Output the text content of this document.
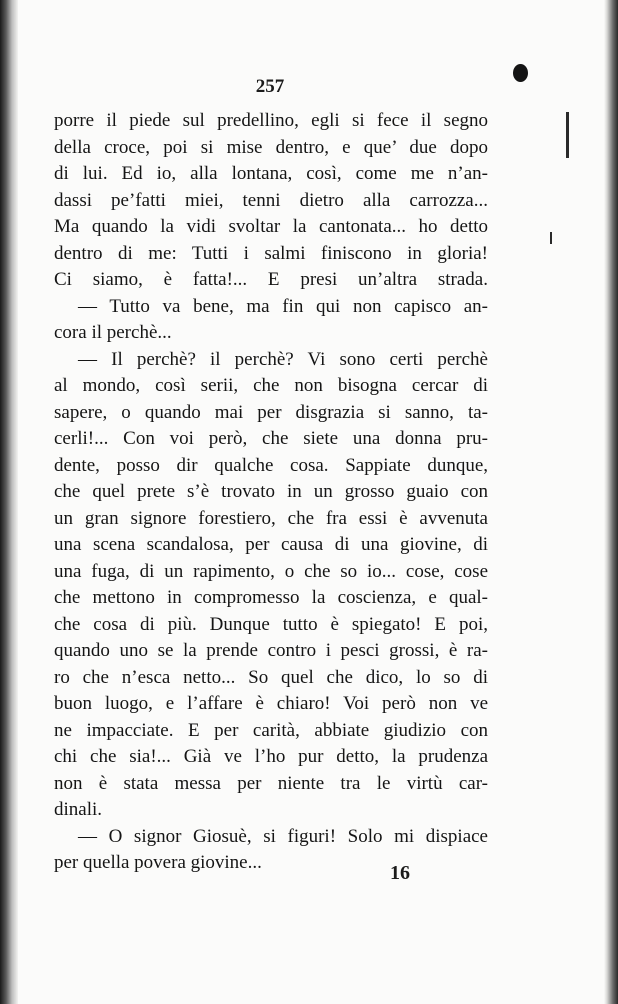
257
porre il piede sul predellino, egli si fece il segno
della croce, poi si mise dentro, e que’ due dopo
di lui. Ed io, alla lontana, così, come me n’an-
dassi pe’fatti miei, tenni dietro alla carrozza...
Ma quando la vidi svoltar la cantonata... ho detto
dentro di me: Tutti i salmi finiscono in gloria!
Ci siamo, è fatta!... E presi un’altra strada.
— Tutto va bene, ma fin qui non capisco an-
cora il perchè...
— Il perchè? il perchè? Vi sono certi perchè
al mondo, così serii, che non bisogna cercar di
sapere, o quando mai per disgrazia si sanno, ta-
cerli!... Con voi però, che siete una donna pru-
dente, posso dir qualche cosa. Sappiate dunque,
che quel prete s’è trovato in un grosso guaio con
un gran signore forestiero, che fra essi è avvenuta
una scena scandalosa, per causa di una giovine, di
una fuga, di un rapimento, o che so io... cose, cose
che mettono in compromesso la coscienza, e qual-
che cosa di più. Dunque tutto è spiegato! E poi,
quando uno se la prende contro i pesci grossi, è ra-
ro che n’esca netto... So quel che dico, lo so di
buon luogo, e l’affare è chiaro! Voi però non ve
ne impacciate. E per carità, abbiate giudizio con
chi che sia!... Già ve l’ho pur detto, la prudenza
non è stata messa per niente tra le virtù car-
dinali.
— O signor Giosuè, si figuri! Solo mi dispiace
per quella povera giovine...	16
